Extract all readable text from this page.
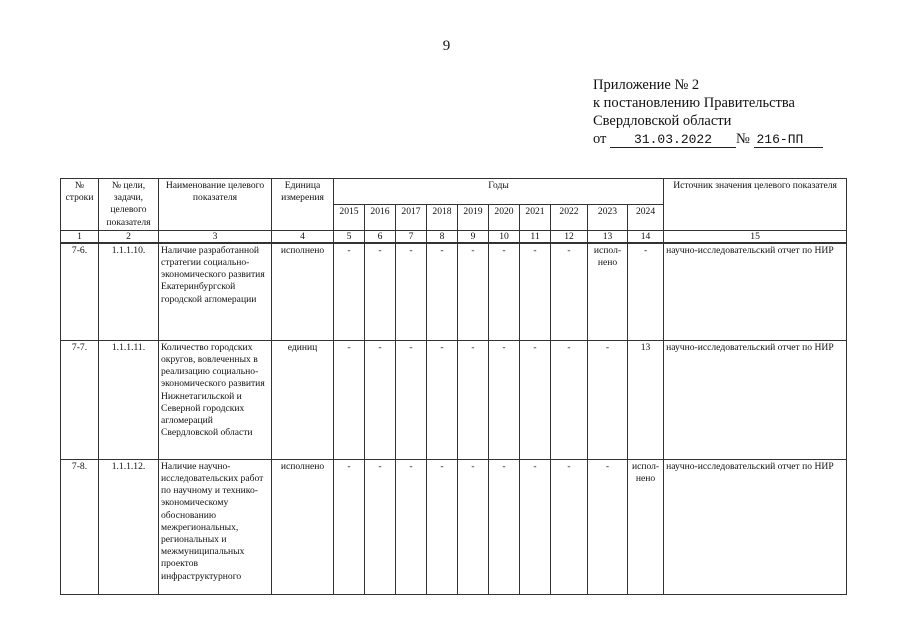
9
Приложение № 2
к постановлению Правительства
Свердловской области
от 31.03.2022 № 216-ПП
№ строки	№ цели, задачи, целевого показателя	Наименование целевого показателя	Единица измерения	Годы										Источник значения целевого показателя
				2015	2016	2017	2018	2019	2020	2021	2022	2023	2024	
1	2	3	4	5	6	7	8	9	10	11	12	13	14	15
7-6.	1.1.1.10.	Наличие разработанной стратегии социально-экономического развития Екатеринбургской городской агломерации	исполнено	-	-	-	-	-	-	-	-	испол-нено	-	научно-исследовательский отчет по НИР
7-7.	1.1.1.11.	Количество городских округов, вовлеченных в реализацию социально-экономического развития Нижнетагильской и Северной городских агломераций Свердловской области	единиц	-	-	-	-	-	-	-	-	-	13	научно-исследовательский отчет по НИР
7-8.	1.1.1.12.	Наличие научно-исследовательских работ по научному и технико-экономическому обоснованию межрегиональных, региональных и межмуниципальных проектов инфраструктурного	исполнено	-	-	-	-	-	-	-	-	-	испол-нено	научно-исследовательский отчет по НИР
